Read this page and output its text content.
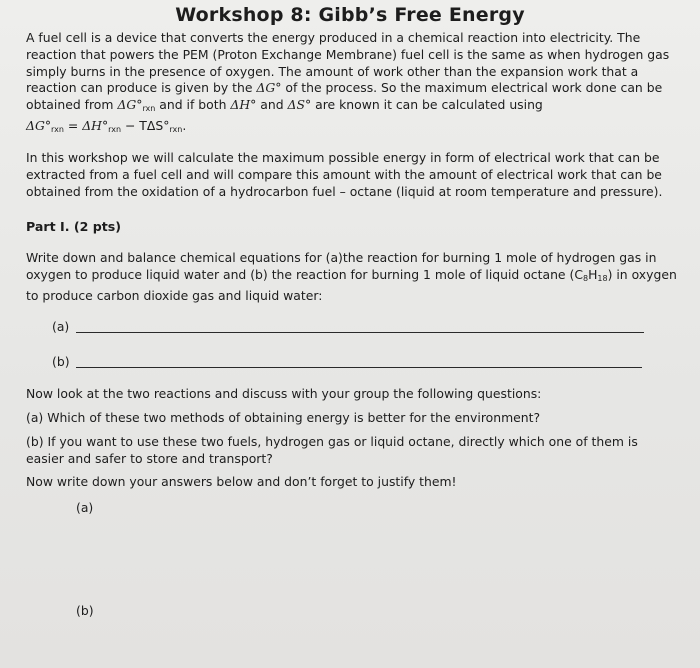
Workshop 8: Gibb’s Free Energy
A fuel cell is a device that converts the energy produced in a chemical reaction into electricity. The reaction that powers the PEM (Proton Exchange Membrane) fuel cell is the same as when hydrogen gas simply burns in the presence of oxygen. The amount of work other than the expansion work that a reaction can produce is given by the ΔG° of the process. So the maximum electrical work done can be obtained from $\Delta G^\circ_{rxn}$ and if both ΔH° and ΔS° are known it can be calculated using
$\Delta G^\circ_{rxn} = \Delta H^\circ_{rxn} - T\Delta S^\circ_{rxn}$.
In this workshop we will calculate the maximum possible energy in form of electrical work that can be extracted from a fuel cell and will compare this amount with the amount of electrical work that can be obtained from the oxidation of a hydrocarbon fuel – octane (liquid at room temperature and pressure).
Part I. (2 pts)
Write down and balance chemical equations for (a)the reaction for burning 1 mole of hydrogen gas in oxygen to produce liquid water and (b) the reaction for burning 1 mole of liquid octane $(C_8H_{18})$ in oxygen to produce carbon dioxide gas and liquid water:
(a)
(b)
Now look at the two reactions and discuss with your group the following questions:
(a) Which of these two methods of obtaining energy is better for the environment?
(b) If you want to use these two fuels, hydrogen gas or liquid octane, directly which one of them is easier and safer to store and transport?
Now write down your answers below and don’t forget to justify them!
(a)
(b)
